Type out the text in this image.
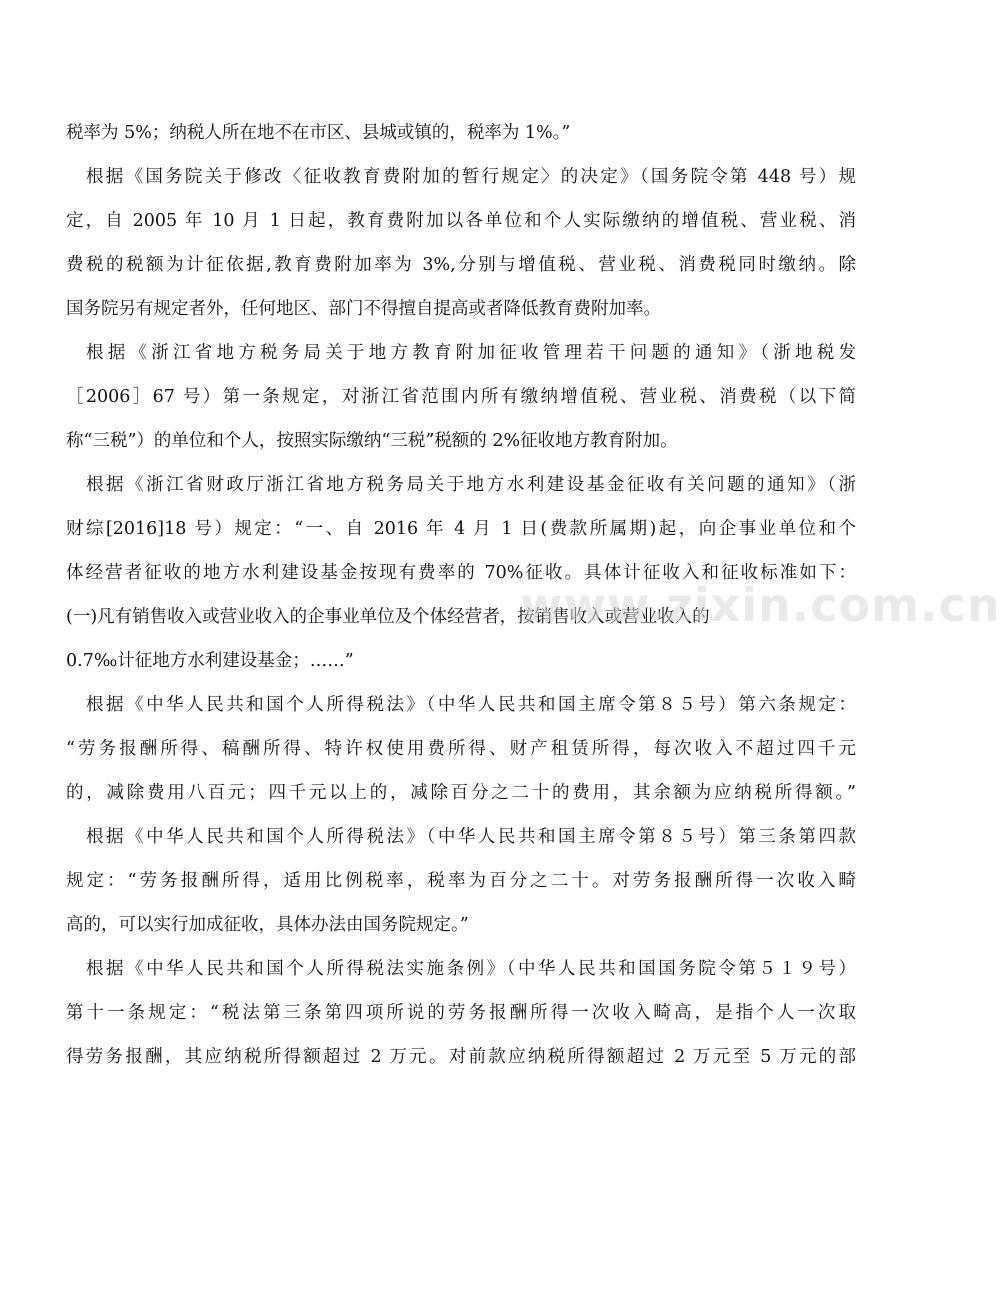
税率为 5%；纳税人所在地不在市区、县城或镇的，税率为 1%。”
根据《国务院关于修改〈征收教育费附加的暂行规定〉的决定》（国务院令第 448 号）规
定，自 2005 年 10 月 1 日起，教育费附加以各单位和个人实际缴纳的增值税、营业税、消
费税的税额为计征依据,教育费附加率为 3%,分别与增值税、营业税、消费税同时缴纳。除
国务院另有规定者外，任何地区、部门不得擅自提高或者降低教育费附加率。
根据《浙江省地方税务局关于地方教育附加征收管理若干问题的通知》（浙地税发
［2006］67 号）第一条规定，对浙江省范围内所有缴纳增值税、营业税、消费税（以下简
称“三税”）的单位和个人，按照实际缴纳“三税”税额的 2%征收地方教育附加。
根据《浙江省财政厅浙江省地方税务局关于地方水利建设基金征收有关问题的通知》（浙
财综[2016]18 号）规定：“一、自 2016 年 4 月 1 日(费款所属期)起，向企事业单位和个
体经营者征收的地方水利建设基金按现有费率的 70%征收。具体计征收入和征收标准如下：
(一)凡有销售收入或营业收入的企事业单位及个体经营者，按销售收入或营业收入的
0.7‰计征地方水利建设基金；……”
根据《中华人民共和国个人所得税法》（中华人民共和国主席令第８５号）第六条规定：
“劳务报酬所得、稿酬所得、特许权使用费所得、财产租赁所得，每次收入不超过四千元
的，减除费用八百元；四千元以上的，减除百分之二十的费用，其余额为应纳税所得额。”
根据《中华人民共和国个人所得税法》（中华人民共和国主席令第８５号）第三条第四款
规定：“劳务报酬所得，适用比例税率，税率为百分之二十。对劳务报酬所得一次收入畸
高的，可以实行加成征收，具体办法由国务院规定。”
根据《中华人民共和国个人所得税法实施条例》（中华人民共和国国务院令第５１９号）
第十一条规定：“税法第三条第四项所说的劳务报酬所得一次收入畸高，是指个人一次取
得劳务报酬，其应纳税所得额超过 2 万元。对前款应纳税所得额超过 2 万元至 5 万元的部
www.zixin.com.cn
